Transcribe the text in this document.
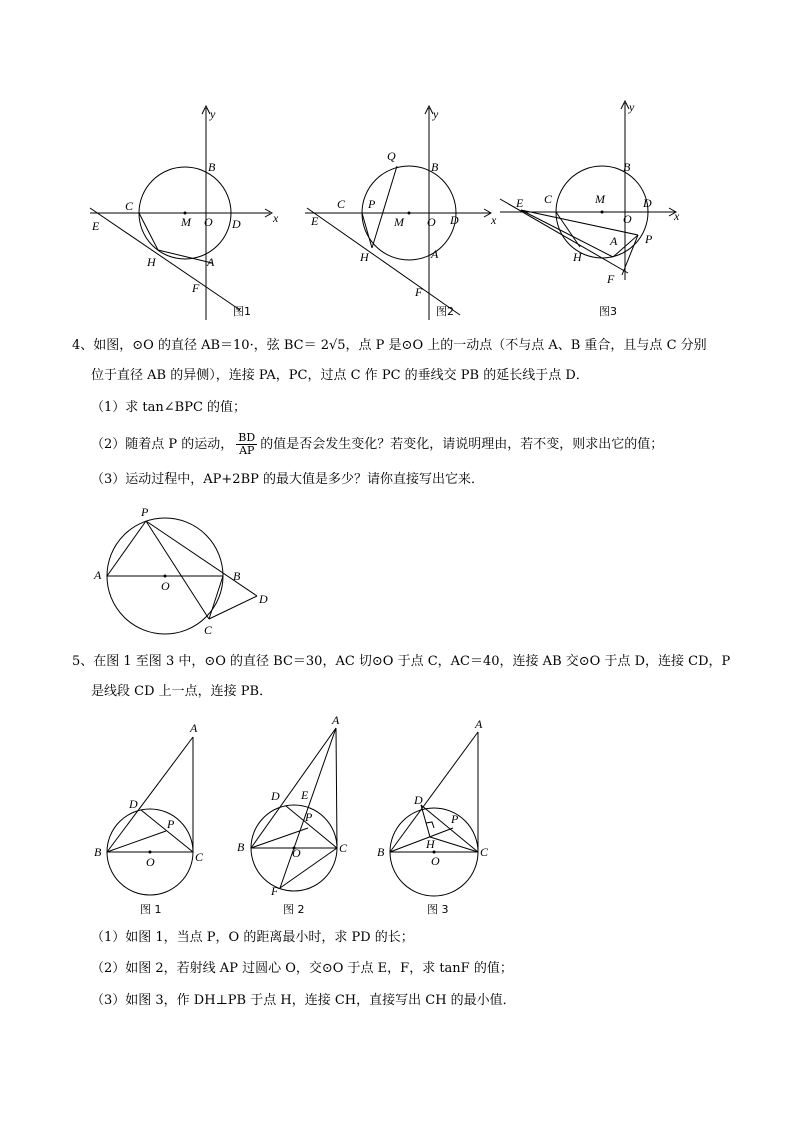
y
x
B
C
M O D
E
H	A
F
图1
y
x
Q
B
C P
M O D
E
H	A
F
图2
y
x
B
E C	M
O
D
A P
H
F
图3
4、如图，⊙O 的直径 AB＝10·，弦 BC＝ 2√5，点 P 是⊙O 上的一动点（不与点 A、B 重合，且与点 C 分别
位于直径 AB 的异侧），连接 PA，PC，过点 C 作 PC 的垂线交 PB 的延长线于点 D．
（1）求 tan∠BPC 的值；
（2）随着点 P 的运动， $\frac{BD}{AP}$ 的值是否会发生变化？若变化，请说明理由，若不变，则求出它的值；
（3）运动过程中，AP+2BP 的最大值是多少？请你直接写出它来．
P
A
O
B
D
C
5、在图 1 至图 3 中，⊙O 的直径 BC＝30，AC 切⊙O 于点 C，AC＝40，连接 AB 交⊙O 于点 D，连接 CD，P
是线段 CD 上一点，连接 PB．
A
D
P
B
O	C
图 1
A
D E
P
B	O	C
F
图 2
A
D
P
H
B
O
C
图 3
（1）如图 1，当点 P，O 的距离最小时，求 PD 的长；
（2）如图 2，若射线 AP 过圆心 O，交⊙O 于点 E，F，求 tanF 的值；
（3）如图 3，作 DH⊥PB 于点 H，连接 CH，直接写出 CH 的最小值．
